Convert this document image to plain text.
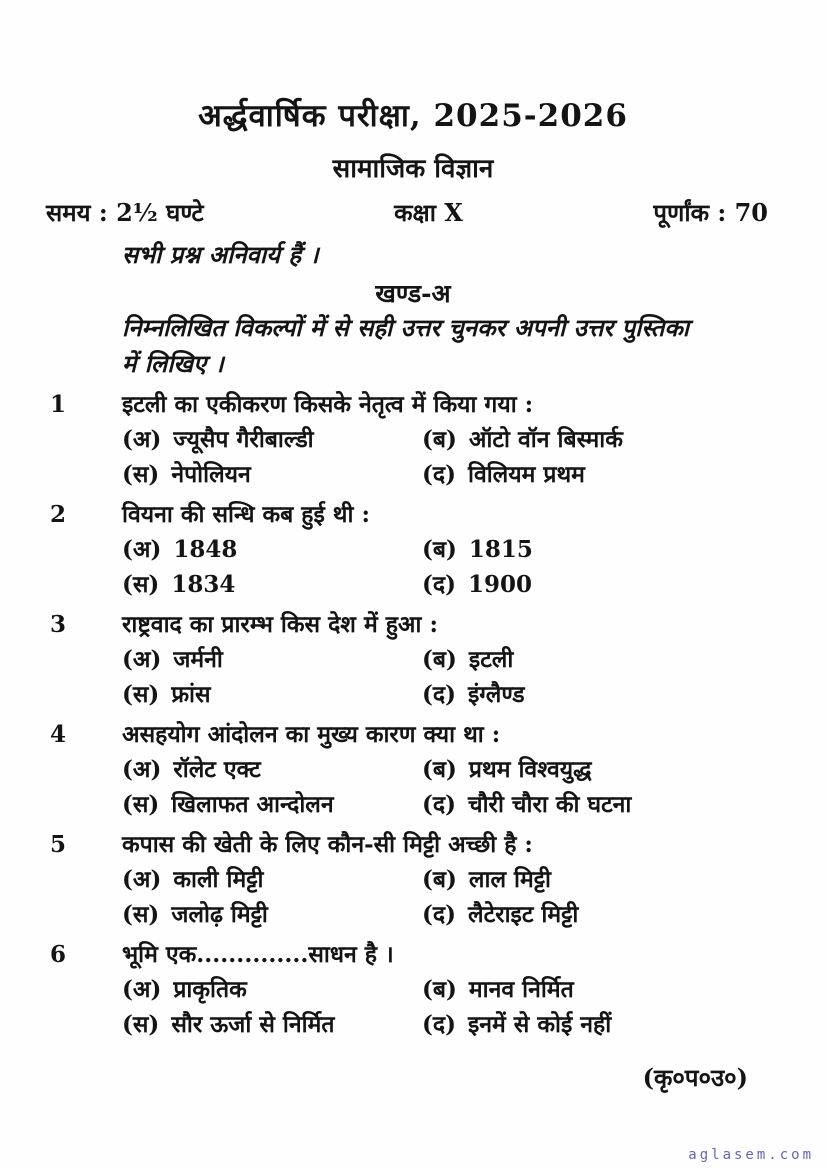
अर्द्धवार्षिक परीक्षा, 2025-2026
सामाजिक विज्ञान
समय : 2½ घण्टे	कक्षा X	पूर्णांक : 70
सभी प्रश्न अनिवार्य हैं ।
खण्ड-अ
निम्नलिखित विकल्पों में से सही उत्तर चुनकर अपनी उत्तर पुस्तिका
में लिखिए ।
1	इटली का एकीकरण किसके नेतृत्व में किया गया :
(अ) ज्यूसैप गैरीबाल्डी	(ब) ऑटो वॉन बिस्मार्क
(स) नेपोलियन	(द) विलियम प्रथम
2	वियना की सन्धि कब हुई थी :
(अ) 1848	(ब) 1815
(स) 1834	(द) 1900
3	राष्ट्रवाद का प्रारम्भ किस देश में हुआ :
(अ) जर्मनी	(ब) इटली
(स) फ्रांस	(द) इंग्लैण्ड
4	असहयोग आंदोलन का मुख्य कारण क्या था :
(अ) रॉलेट एक्ट	(ब) प्रथम विश्वयुद्ध
(स) खिलाफत आन्दोलन	(द) चौरी चौरा की घटना
5	कपास की खेती के लिए कौन-सी मिट्टी अच्छी है :
(अ) काली मिट्टी	(ब) लाल मिट्टी
(स) जलोढ़ मिट्टी	(द) लैटेराइट मिट्टी
6	भूमि एक..............साधन है ।
(अ) प्राकृतिक	(ब) मानव निर्मित
(स) सौर ऊर्जा से निर्मित	(द) इनमें से कोई नहीं
(कृ०प०उ०)
aglasem.com
